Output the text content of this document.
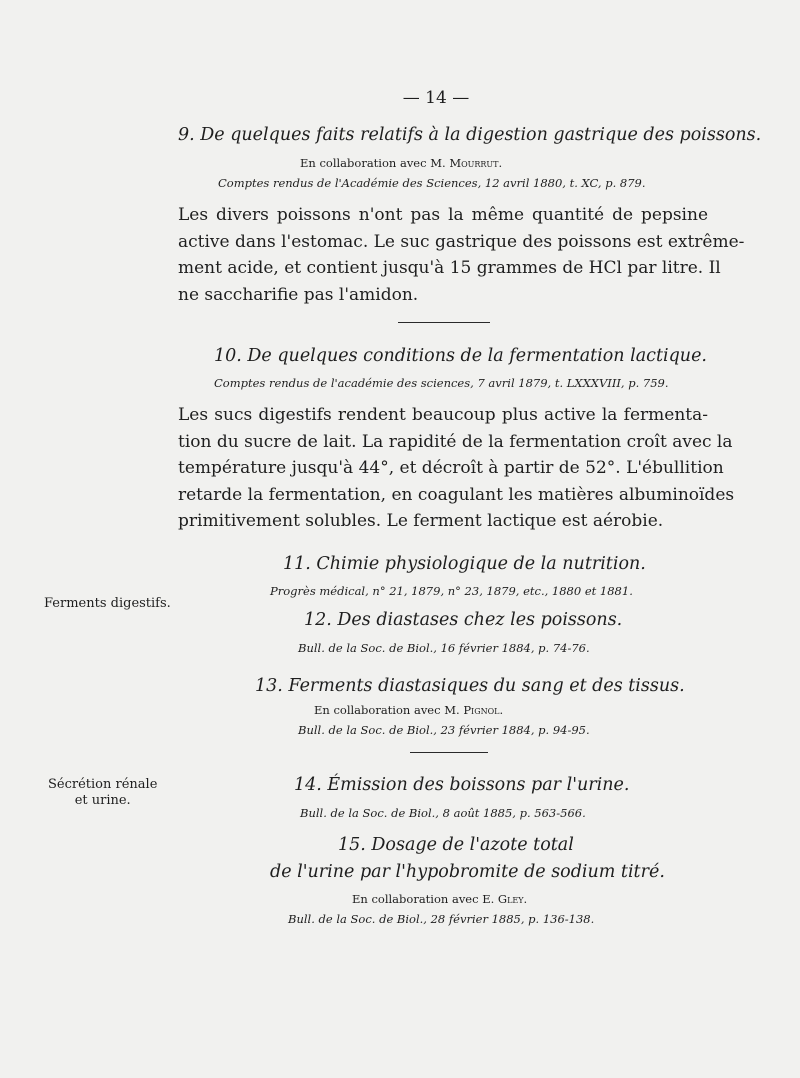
— 14 —
9. De quelques faits relatifs à la digestion gastrique des poissons.
En collaboration avec M. Mourrut.
Comptes rendus de l'Académie des Sciences, 12 avril 1880, t. XC, p. 879.
Les divers poissons n'ont pas la même quantité de pepsine
active dans l'estomac. Le suc gastrique des poissons est extrême-
ment acide, et contient jusqu'à 15 grammes de HCl par litre. Il
ne saccharifie pas l'amidon.
10. De quelques conditions de la fermentation lactique.
Comptes rendus de l'académie des sciences, 7 avril 1879, t. LXXXVIII, p. 759.
Les sucs digestifs rendent beaucoup plus active la fermenta-
tion du sucre de lait. La rapidité de la fermentation croît avec la
température jusqu'à 44°, et décroît à partir de 52°. L'ébullition
retarde la fermentation, en coagulant les matières albuminoïdes
primitivement solubles. Le ferment lactique est aérobie.
11. Chimie physiologique de la nutrition.
Progrès médical, n° 21, 1879, n° 23, 1879, etc., 1880 et 1881.
Ferments digestifs.
12. Des diastases chez les poissons.
Bull. de la Soc. de Biol., 16 février 1884, p. 74-76.
13. Ferments diastasiques du sang et des tissus.
En collaboration avec M. Pignol.
Bull. de la Soc. de Biol., 23 février 1884, p. 94-95.
Sécrétion rénale
et urine.
14. Émission des boissons par l'urine.
Bull. de la Soc. de Biol., 8 août 1885, p. 563-566.
15. Dosage de l'azote total
de l'urine par l'hypobromite de sodium titré.
En collaboration avec E. Gley.
Bull. de la Soc. de Biol., 28 février 1885, p. 136-138.
